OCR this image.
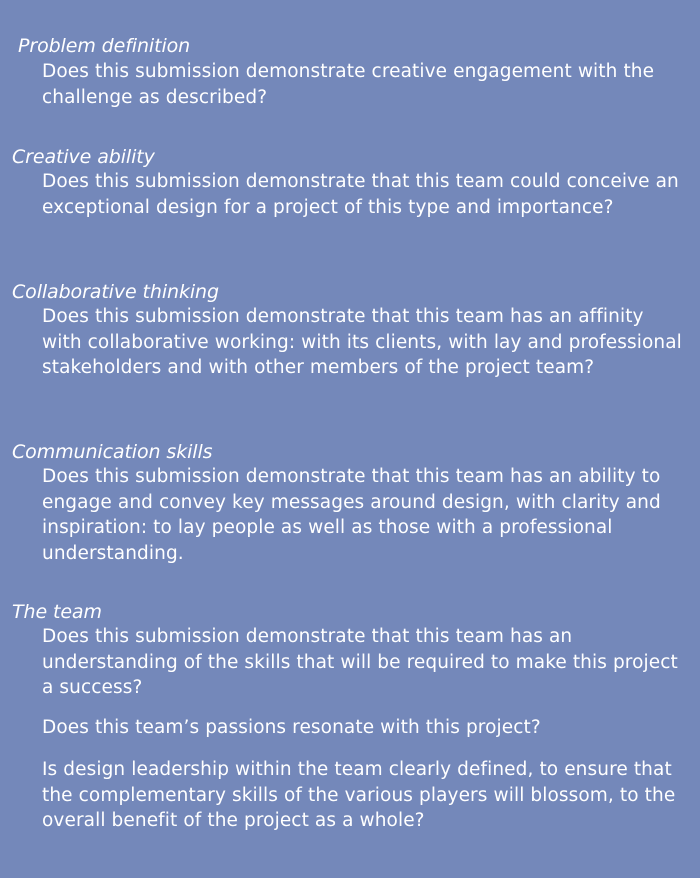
Problem definition
Does this submission demonstrate creative engagement with the challenge as described?
Creative ability
Does this submission demonstrate that this team could conceive an exceptional design for a project of this type and importance?
Collaborative thinking
Does this submission demonstrate that this team has an affinity with collaborative working: with its clients, with lay and professional stakeholders and with other members of the project team?
Communication skills
Does this submission demonstrate that this team has an ability to engage and convey key messages around design, with clarity and inspiration: to lay people as well as those with a professional understanding.
The team
Does this submission demonstrate that this team has an understanding of the skills that will be required to make this project a success?
Does this team’s passions resonate with this project?
Is design leadership within the team clearly defined, to ensure that the complementary skills of the various players will blossom, to the overall benefit of the project as a whole?
